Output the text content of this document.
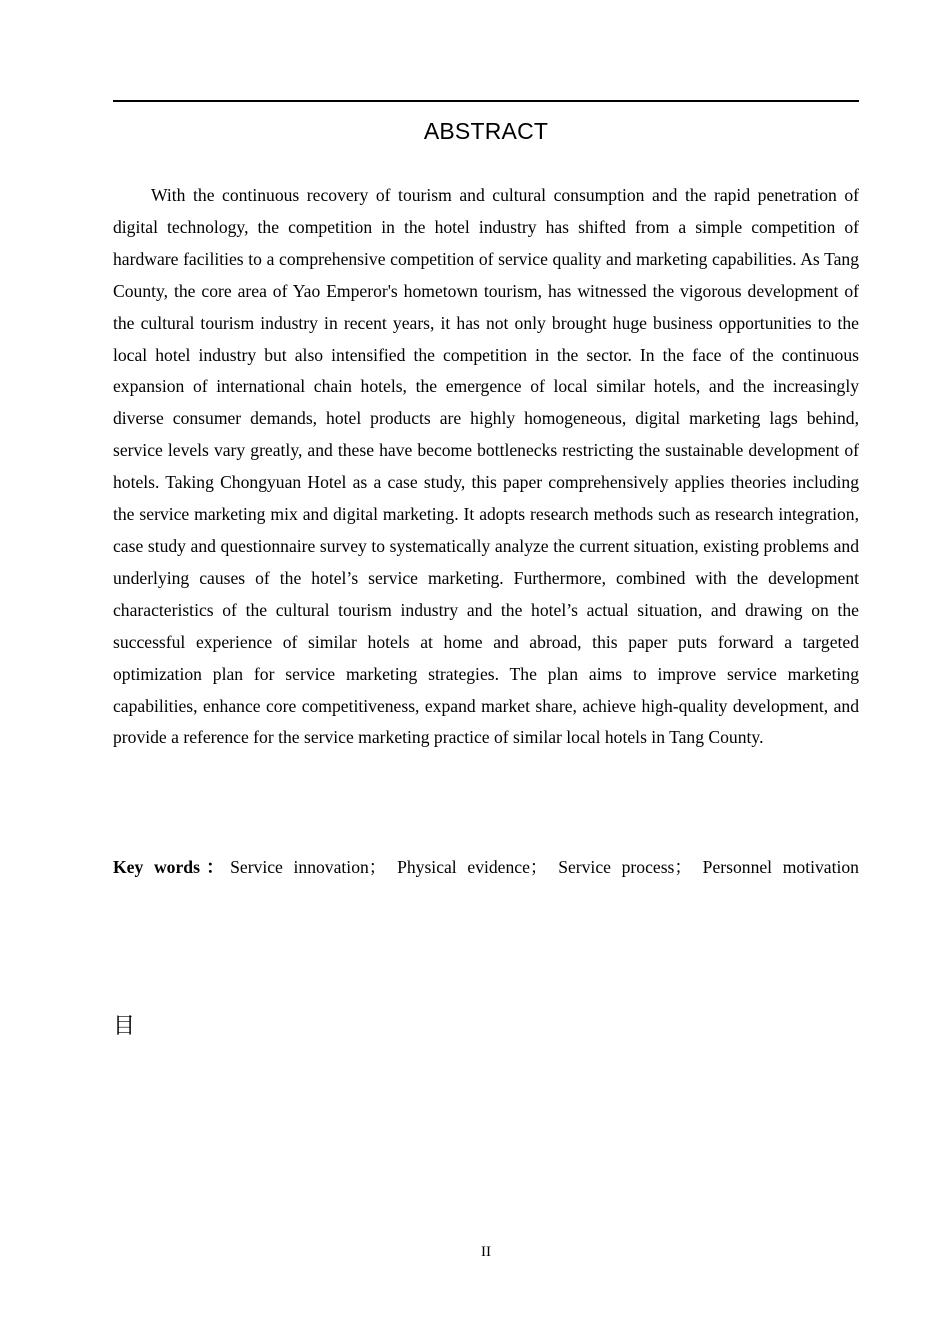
ABSTRACT

With the continuous recovery of tourism and cultural consumption and the rapid penetration of digital technology, the competition in the hotel industry has shifted from a simple competition of hardware facilities to a comprehensive competition of service quality and marketing capabilities. As Tang County, the core area of Yao Emperor's hometown tourism, has witnessed the vigorous development of the cultural tourism industry in recent years, it has not only brought huge business opportunities to the local hotel industry but also intensified the competition in the sector. In the face of the continuous expansion of international chain hotels, the emergence of local similar hotels, and the increasingly diverse consumer demands, hotel products are highly homogeneous, digital marketing lags behind, service levels vary greatly, and these have become bottlenecks restricting the sustainable development of hotels. Taking Chongyuan Hotel as a case study, this paper comprehensively applies theories including the service marketing mix and digital marketing. It adopts research methods such as research integration, case study and questionnaire survey to systematically analyze the current situation, existing problems and underlying causes of the hotel’s service marketing. Furthermore, combined with the development characteristics of the cultural tourism industry and the hotel’s actual situation, and drawing on the successful experience of similar hotels at home and abroad, this paper puts forward a targeted optimization plan for service marketing strategies. The plan aims to improve service marketing capabilities, enhance core competitiveness, expand market share, achieve high-quality development, and provide a reference for the service marketing practice of similar local hotels in Tang County.

Key words：Service innovation； Physical evidence； Service process； Personnel motivation

目
II
